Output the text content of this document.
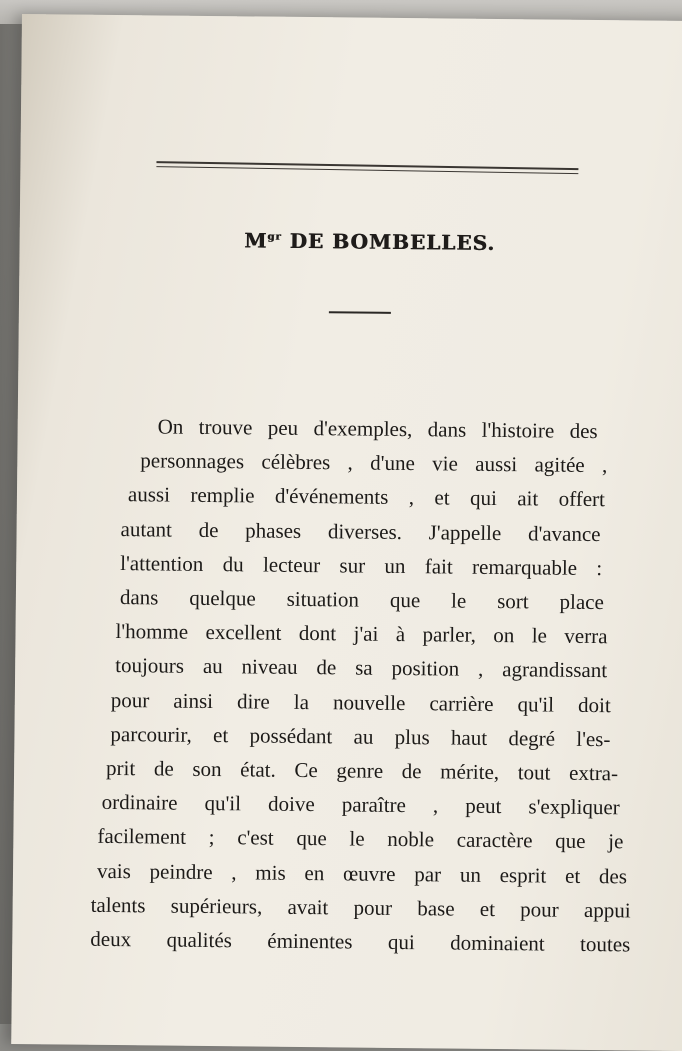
$M^{gr}$ DE BOMBELLES.
On trouve peu d'exemples, dans l'histoire des
personnages célèbres , d'une vie aussi agitée ,
aussi remplie d'événements , et qui ait offert
autant de phases diverses. J'appelle d'avance
l'attention du lecteur sur un fait remarquable :
dans quelque situation que le sort place
l'homme excellent dont j'ai à parler, on le verra
toujours au niveau de sa position , agrandissant
pour ainsi dire la nouvelle carrière qu'il doit
parcourir, et possédant au plus haut degré l'es-
prit de son état. Ce genre de mérite, tout extra-
ordinaire qu'il doive paraître , peut s'expliquer
facilement ; c'est que le noble caractère que je
vais peindre , mis en œuvre par un esprit et des
talents supérieurs, avait pour base et pour appui
deux qualités éminentes qui dominaient toutes
